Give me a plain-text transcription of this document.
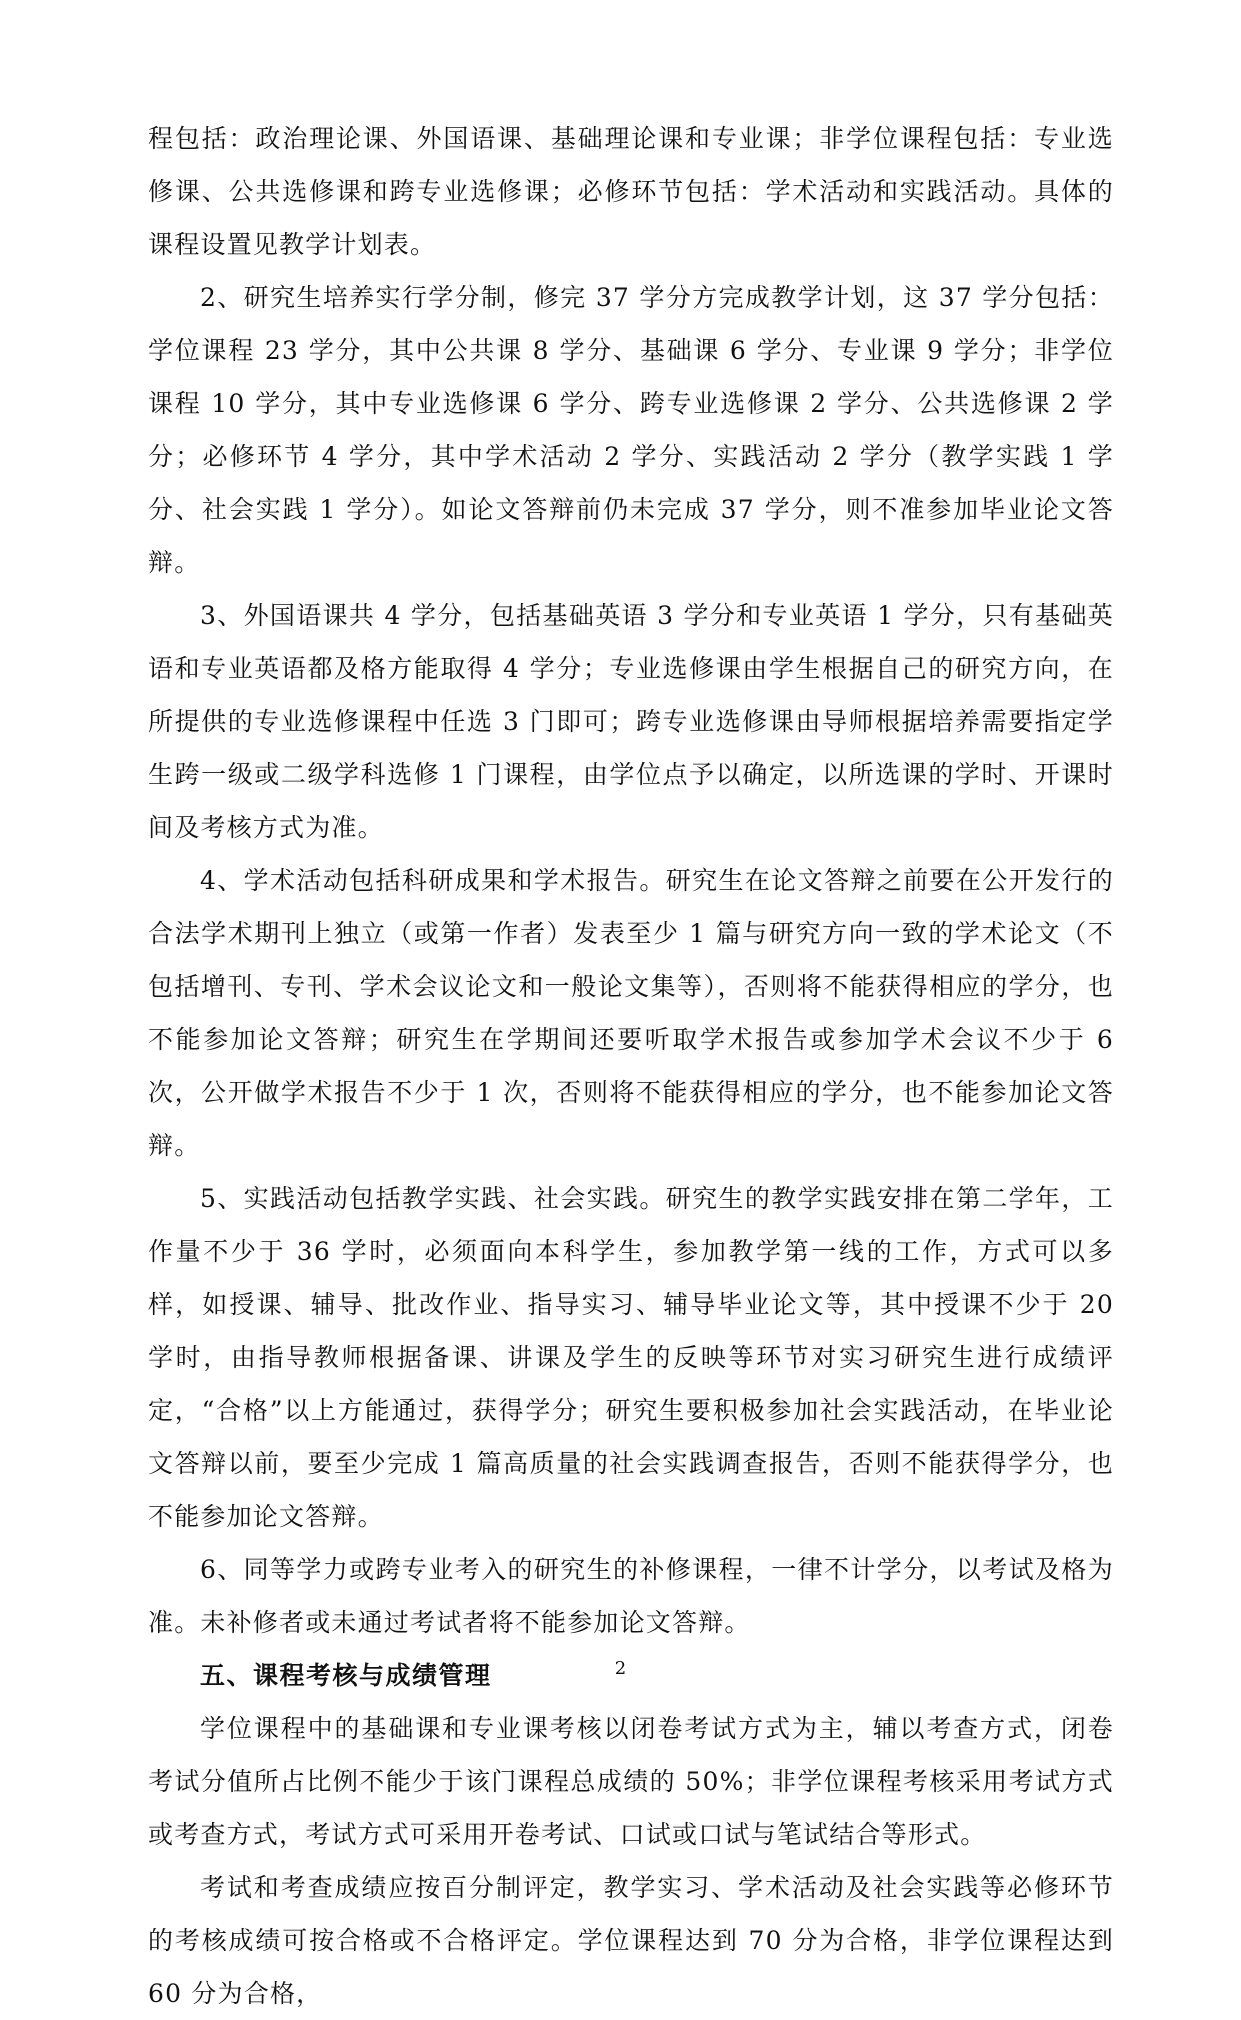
程包括：政治理论课、外国语课、基础理论课和专业课；非学位课程包括：专业选修课、公共选修课和跨专业选修课；必修环节包括：学术活动和实践活动。具体的课程设置见教学计划表。

2、研究生培养实行学分制，修完 37 学分方完成教学计划，这 37 学分包括：学位课程 23 学分，其中公共课 8 学分、基础课 6 学分、专业课 9 学分；非学位课程 10 学分，其中专业选修课 6 学分、跨专业选修课 2 学分、公共选修课 2 学分；必修环节 4 学分，其中学术活动 2 学分、实践活动 2 学分（教学实践 1 学分、社会实践 1 学分）。如论文答辩前仍未完成 37 学分，则不准参加毕业论文答辩。

3、外国语课共 4 学分，包括基础英语 3 学分和专业英语 1 学分，只有基础英语和专业英语都及格方能取得 4 学分；专业选修课由学生根据自己的研究方向，在所提供的专业选修课程中任选 3 门即可；跨专业选修课由导师根据培养需要指定学生跨一级或二级学科选修 1 门课程，由学位点予以确定，以所选课的学时、开课时间及考核方式为准。

4、学术活动包括科研成果和学术报告。研究生在论文答辩之前要在公开发行的合法学术期刊上独立（或第一作者）发表至少 1 篇与研究方向一致的学术论文（不包括增刊、专刊、学术会议论文和一般论文集等），否则将不能获得相应的学分，也不能参加论文答辩；研究生在学期间还要听取学术报告或参加学术会议不少于 6 次，公开做学术报告不少于 1 次，否则将不能获得相应的学分，也不能参加论文答辩。

5、实践活动包括教学实践、社会实践。研究生的教学实践安排在第二学年，工作量不少于 36 学时，必须面向本科学生，参加教学第一线的工作，方式可以多样，如授课、辅导、批改作业、指导实习、辅导毕业论文等，其中授课不少于 20 学时，由指导教师根据备课、讲课及学生的反映等环节对实习研究生进行成绩评定，“合格”以上方能通过，获得学分；研究生要积极参加社会实践活动，在毕业论文答辩以前，要至少完成 1 篇高质量的社会实践调查报告，否则不能获得学分，也不能参加论文答辩。

6、同等学力或跨专业考入的研究生的补修课程，一律不计学分，以考试及格为准。未补修者或未通过考试者将不能参加论文答辩。

五、课程考核与成绩管理

学位课程中的基础课和专业课考核以闭卷考试方式为主，辅以考查方式，闭卷考试分值所占比例不能少于该门课程总成绩的 50%；非学位课程考核采用考试方式或考查方式，考试方式可采用开卷考试、口试或口试与笔试结合等形式。

考试和考查成绩应按百分制评定，教学实习、学术活动及社会实践等必修环节的考核成绩可按合格或不合格评定。学位课程达到 70 分为合格，非学位课程达到 60 分为合格，

2
